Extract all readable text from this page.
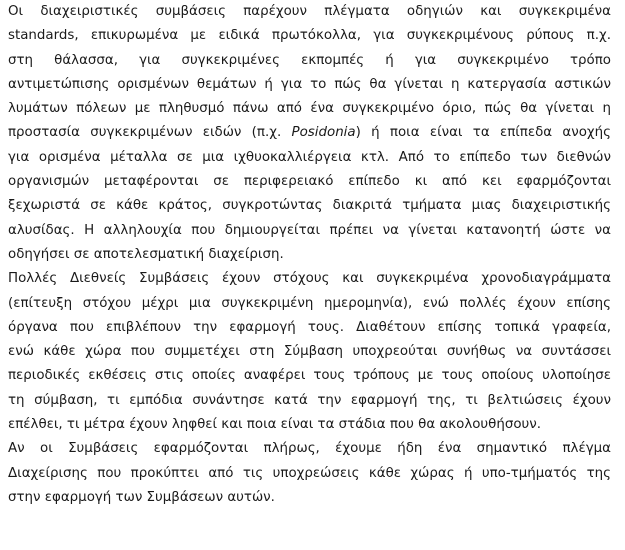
Οι διαχειριστικές συμβάσεις παρέχουν πλέγματα οδηγιών και συγκεκριμένα
standards, επικυρωμένα με ειδικά πρωτόκολλα, για συγκεκριμένους ρύπους π.χ.
στη θάλασσα, για συγκεκριμένες εκπομπές ή για συγκεκριμένο τρόπο
αντιμετώπισης ορισμένων θεμάτων ή για το πώς θα γίνεται η κατεργασία αστικών
λυμάτων πόλεων με πληθυσμό πάνω από ένα συγκεκριμένο όριο, πώς θα γίνεται η
προστασία συγκεκριμένων ειδών (π.χ. Posidonia) ή ποια είναι τα επίπεδα ανοχής
για ορισμένα μέταλλα σε μια ιχθυοκαλλιέργεια κτλ. Από το επίπεδο των διεθνών
οργανισμών μεταφέρονται σε περιφερειακό επίπεδο κι από κει εφαρμόζονται
ξεχωριστά σε κάθε κράτος, συγκροτώντας διακριτά τμήματα μιας διαχειριστικής
αλυσίδας. Η αλληλουχία που δημιουργείται πρέπει να γίνεται κατανοητή ώστε να
οδηγήσει σε αποτελεσματική διαχείριση.
Πολλές Διεθνείς Συμβάσεις έχουν στόχους και συγκεκριμένα χρονοδιαγράμματα
(επίτευξη στόχου μέχρι μια συγκεκριμένη ημερομηνία), ενώ πολλές έχουν επίσης
όργανα που επιβλέπουν την εφαρμογή τους. Διαθέτουν επίσης τοπικά γραφεία,
ενώ κάθε χώρα που συμμετέχει στη Σύμβαση υποχρεούται συνήθως να συντάσσει
περιοδικές εκθέσεις στις οποίες αναφέρει τους τρόπους με τους οποίους υλοποίησε
τη σύμβαση, τι εμπόδια συνάντησε κατά την εφαρμογή της, τι βελτιώσεις έχουν
επέλθει, τι μέτρα έχουν ληφθεί και ποια είναι τα στάδια που θα ακολουθήσουν.
Αν οι Συμβάσεις εφαρμόζονται πλήρως, έχουμε ήδη ένα σημαντικό πλέγμα
Διαχείρισης που προκύπτει από τις υποχρεώσεις κάθε χώρας ή υπο-τμήματός της
στην εφαρμογή των Συμβάσεων αυτών.
